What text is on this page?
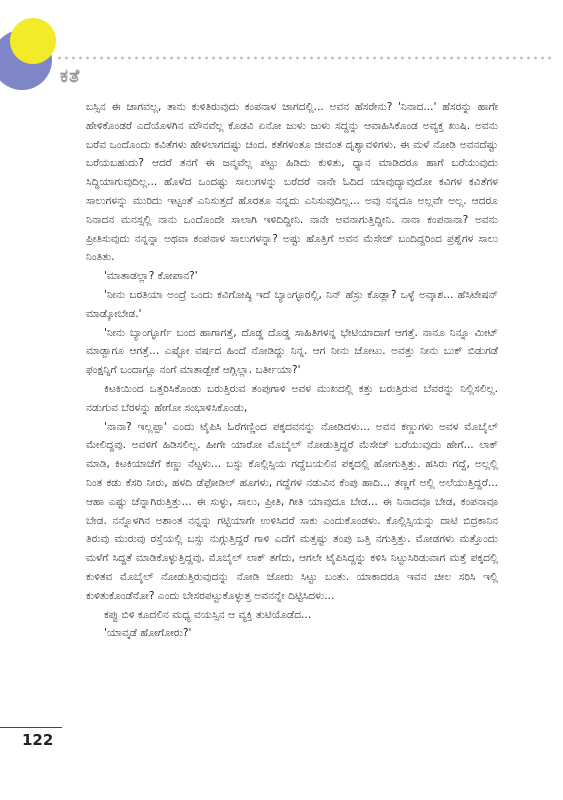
ಕತೆ

ಬಸ್ಸಿನ ಈ ಜಾಗವಲ್ಲ, ತಾನು ಕುಳಿತಿರುವುದು ಕಂಪನಾಳ ಜಾಗದಲ್ಲಿ... ಅವನ ಹೆಸರೇನು? 'ನಿನಾದ...' ಹೆಸರನ್ನು ಹಾಗೇ ಹೇಳಿಕೊಂಡರೆ ಎದೆಯೊಳಗಿನ ಮೌನವೆಲ್ಲ ಕೊಡವಿ ಏನೋ ಜುಳು ಜುಳು ಸದ್ದನ್ನು ಆವಾಹಿಸಿಕೊಂಡ ಅವ್ಯಕ್ತ ಖುಷಿ. ಅವನು ಬರೆವ ಒಂದೊಂದು ಕವಿತೆಗಳು ಹೇಳಲಾಗದಷ್ಟು ಚಂದ. ಕತೆಗಳಂತೂ ಜೀವಂತ ದೃಶ್ಯಾವಳಿಗಳು. ಈ ಮಳೆ ನೋಡಿ ಅವನದೆಷ್ಟು ಬರೆಯಬಹುದು? ಆದರೆ ತನಗೆ ಈ ಜನ್ಮವೆಲ್ಲ ಪಟ್ಟು ಹಿಡಿದು ಕುಳಿತು, ಧ್ಯಾನ ಮಾಡಿದರೂ ಹಾಗೆ ಬರೆಯುವುದು ಸಿದ್ಧಿಯಾಗುವುದಿಲ್ಲ... ಹೊಳೆದ ಒಂದಷ್ಟು ಸಾಲುಗಳನ್ನು ಬರೆದರೆ ನಾನೇ ಓದಿದ ಯಾವುದ್ಯಾವುದೋ ಕವಿಗಳ ಕವಿತೆಗಳ ಸಾಲುಗಳನ್ನು ಮುರಿದು ಇಟ್ಟಂತೆ ಎನಿಸುತ್ತದೆ ಹೊರತೂ ನನ್ನದು ಎನಿಸುವುದಿಲ್ಲ... ಅವು ನನ್ನದೂ ಅಲ್ಲವೇ ಅಲ್ಲ. ಆದರೂ ನಿನಾದನ ಮನಸ್ಸಲ್ಲಿ ನಾನು ಒಂದೊಂದೇ ಸಾಲಾಗಿ ಇಳಿದಿದ್ದೀನಿ. ನಾನೇ ಅವನಾಗುತ್ತಿದ್ದೀನಿ. ನಾನಾ ಕಂಪನಾನಾ? ಅವನು ಪ್ರೀತಿಸುವುದು ನನ್ನನ್ನಾ ಅಥವಾ ಕಂಪನಾಳ ಸಾಲುಗಳನ್ನಾ? ಅಷ್ಟು ಹೊತ್ತಿಗೆ ಅವನ ಮೆಸೇಜ್ ಬಂದಿದ್ದರಿಂದ ಪ್ರಶ್ನೆಗಳ ಸಾಲು ನಿಂತಿತು.

'ಮಾತಾಡಲ್ಲಾ? ಕೋಪಾನ?'

'ನೀನು ಬರತಿಯಾ ಅಂದ್ರೆ ಒಂದು ಕವಿಗೋಷ್ಠಿ ಇದೆ ಬ್ಯಾಂಗ್ಳೂರಲ್ಲಿ, ನಿನ್ ಹೆಸ್ರು ಕೊಡ್ಲಾ? ಒಳ್ಳೆ ಅವ್ಕಾಶ... ಹೆಸಿಟೇಷನ್ ಮಾಡ್ಕೋಬೇಡ.'

'ನೀನು ಬ್ಯಾಂಗ್ಳೂರ್ಗೆ ಬಂದ ಹಾಗಾಗತ್ತೆ, ದೊಡ್ಡ ದೊಡ್ಡ ಸಾಹಿತಿಗಳನ್ನ ಭೇಟಿಯಾದಾಗೆ ಆಗತ್ತೆ. ನಾನೂ ನಿನ್ನೂ ಮೀಟ್ ಮಾಡ್ಬಾಗೂ ಆಗತ್ತೆ... ಎಷ್ಟೋ ವರ್ಷದ ಹಿಂದೆ ನೋಡಿದ್ದು ನಿನ್ನ. ಆಗ ನೀನು ಚೋಟು. ಅವತ್ತು ನೀನು ಬುಕ್ ಬಿಡುಗಡೆ ಫಂಕ್ಷನ್ನಿಗೆ ಬಂದಾಗ್ಲೂ ನಂಗೆ ಮಾತಾಡ್ಬೇಕೆ ಆಗ್ಲಿಲ್ಲಾ. ಬರ್ತೀಯಾ?'

ಕಿಟಕಿಯಿಂದ ಒತ್ತರಿಸಿಕೊಂಡು ಬರುತ್ತಿರುವ ತಂಪುಗಾಳಿ ಅವಳ ಮುಖದಲ್ಲಿ ಕತ್ತು ಬರುತ್ತಿರುವ ಬೆವರನ್ನು ನಿಲ್ಲಿಸಲಿಲ್ಲ. ನಡುಗುವ ಬೆರಳನ್ನು ಹೇಗೋ ಸಂಭಾಳಿಸಿಕೊಂಡು,

'ನಾನಾ? ಇಲ್ಲಪ್ಪಾ' ಎಂದು ಟೈಪಿಸಿ ಓರೆಗಣ್ಣಿಂದ ಪಕ್ಕದವನನ್ನು ನೋಡಿದಳು... ಅವನ ಕಣ್ಣುಗಳು ಅವಳ ಮೊಬೈಲ್ ಮೇಲಿದ್ದವು. ಅವಳಿಗೆ ಹಿಡಿಸಲಿಲ್ಲ. ಹೀಗೇ ಯಾರೋ ಮೊಬೈಲ್ ನೋಡುತ್ತಿದ್ದರೆ ಮೆಸೇಜ್ ಬರೆಯುವುದು ಹೇಗೆ... ಲಾಕ್ ಮಾಡಿ, ಕಿಟಕಿಯಾಚೆಗೆ ಕಣ್ಣು ನೆಟ್ಟಳು... ಬಸ್ಸು ಕೊಲ್ಲಿಸ್ಸಿಯ ಗದ್ದೆಬಯಲಿನ ಪಕ್ಕದಲ್ಲಿ ಹೋಗುತ್ತಿತ್ತು. ಹಸಿರು ಗದ್ದೆ, ಅಲ್ಲಲ್ಲಿ ನಿಂತ ಕಡು ಕೆಸರಿ ನೀರು, ಹಳದಿ ಡೆಫೋಡಿಲ್ ಹೂಗಳು, ಗದ್ದೆಗಳ ನಡುವಿನ ಕೆಂಪು ಹಾದಿ... ತಣ್ಣಗೆ ಅಲ್ಲಿ ಅಲೆಯುತ್ತಿದ್ದರೆ... ಆಹಾ ಎಷ್ಟು ಚೆನ್ನಾಗಿರುತ್ತಿತ್ತು... ಈ ಸುಳ್ಳು, ಸಾಲು, ಪ್ರೀತಿ, ಗೀತಿ ಯಾವುದೂ ಬೇಡ... ಈ ನಿನಾದವೂ ಬೇಡ, ಕಂಪನಾವೂ ಬೇಡ. ನನ್ನೊಳಗಿನ ಅಶಾಂತ ನನ್ನನ್ನು ಗಟ್ಟಿಯಾಗೇ ಉಳಿಸಿದರೆ ಸಾಕು ಎಂದುಕೊಂಡಳು. ಕೊಲ್ಲಿಸ್ಸಿಯನ್ನು ದಾಟಿ ಬಿದ್ರಕಾನಿನ ತಿರುವು ಮುರುವು ರಸ್ತೆಯಲ್ಲಿ ಬಸ್ಸು ನುಗ್ಗುತ್ತಿದ್ದರೆ ಗಾಳಿ ಎದೆಗೆ ಮತ್ತಷ್ಟು ತಂಪು ಒತ್ತಿ ನಗುತ್ತಿತ್ತು. ಮೋಡಗಳು ಮತ್ತೊಂದು ಮಳೆಗೆ ಸಿದ್ಧತೆ ಮಾಡಿಕೊಳ್ಳುತ್ತಿದ್ದವು. ಮೊಬೈಲ್ ಲಾಕ್ ತಗೆದು, ಆಗಲೇ ಟೈಪಿಸಿದ್ದನ್ನು ಕಳಿಸಿ ನಿಟ್ಟುಸಿರಿಡುವಾಗ ಮತ್ತೆ ಪಕ್ಕದಲ್ಲಿ ಕುಳಿತವ ಮೊಬೈಲ್ ನೋಡುತ್ತಿರುವುದನ್ನು ನೋಡಿ ಜೋರು ಸಿಟ್ಟು ಬಂತು. ಯಾಕಾದರೂ ಇವನ ಚೀಲ ಸರಿಸಿ ಇಲ್ಲಿ ಕುಳಿತುಕೊಂಡೆನೋ? ಎಂದು ಬೇಸರಪಟ್ಟುಕೊಳ್ಳುತ್ತ ಅವನನ್ನೇ ದಿಟ್ಟಿಸಿದಳು...

ಕಪ್ಪು ಬಿಳಿ ಕೂದಲಿನ ಮಧ್ಯ ವಯಸ್ಸಿನ ಆ ವ್ಯಕ್ತಿ ತುಟಿಯೊಡೆದ...

'ಯಾವ್ಕಡೆ ಹೋಗೋರು?'

122
